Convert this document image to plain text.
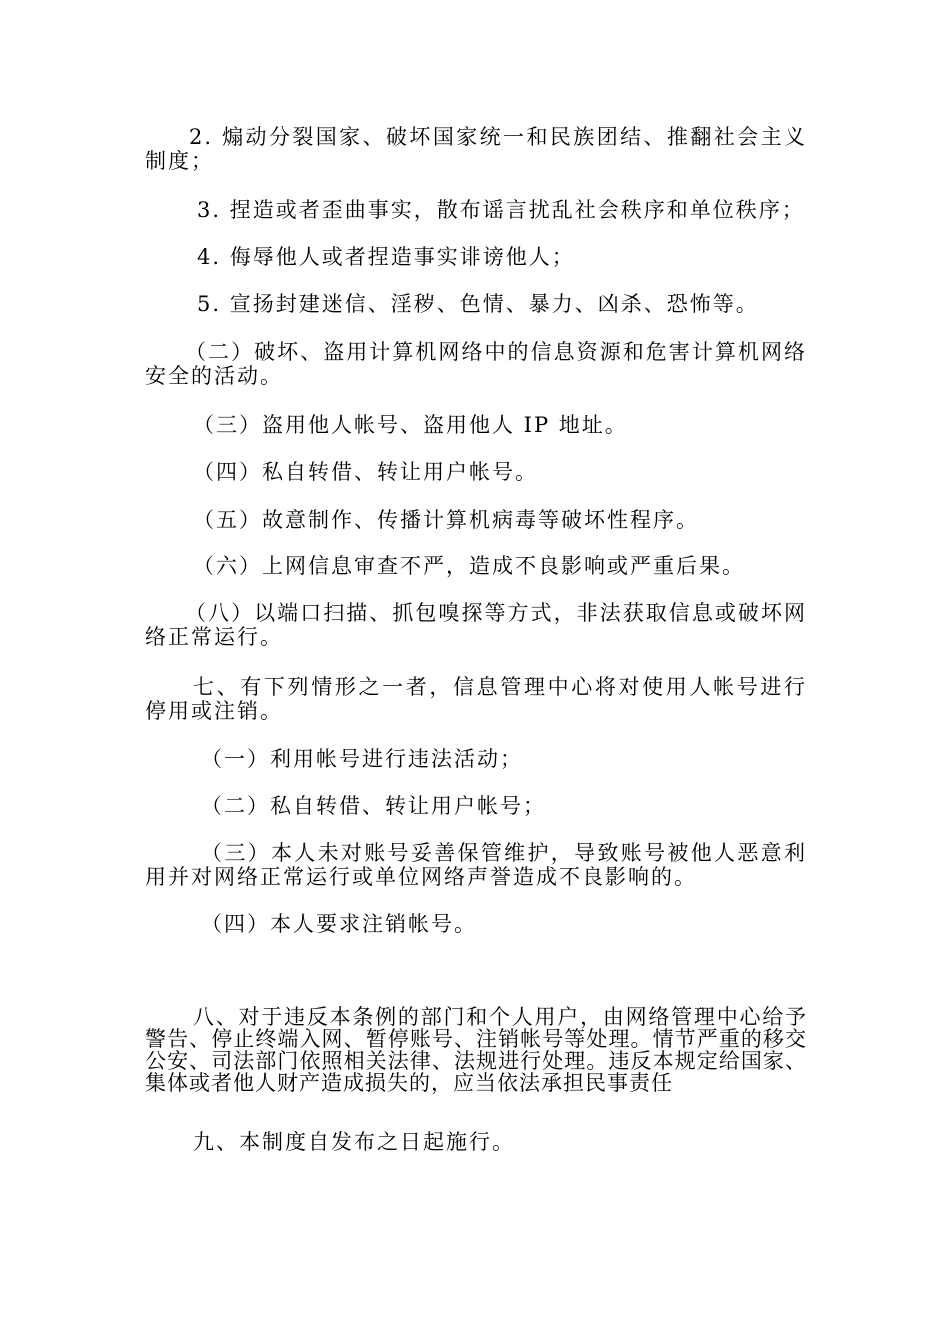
2. 煽动分裂国家、破坏国家统一和民族团结、推翻社会主义制度；

3. 捏造或者歪曲事实，散布谣言扰乱社会秩序和单位秩序；

4. 侮辱他人或者捏造事实诽谤他人；

5. 宣扬封建迷信、淫秽、色情、暴力、凶杀、恐怖等。

（二）破坏、盗用计算机网络中的信息资源和危害计算机网络安全的活动。

（三）盗用他人帐号、盗用他人 IP 地址。

（四）私自转借、转让用户帐号。

（五）故意制作、传播计算机病毒等破坏性程序。

（六）上网信息审查不严，造成不良影响或严重后果。

（八）以端口扫描、抓包嗅探等方式，非法获取信息或破坏网络正常运行。

七、有下列情形之一者，信息管理中心将对使用人帐号进行停用或注销。

（一）利用帐号进行违法活动；

（二）私自转借、转让用户帐号；

（三）本人未对账号妥善保管维护，导致账号被他人恶意利用并对网络正常运行或单位网络声誉造成不良影响的。

（四）本人要求注销帐号。

八、对于违反本条例的部门和个人用户，由网络管理中心给予警告、停止终端入网、暂停账号、注销帐号等处理。情节严重的移交公安、司法部门依照相关法律、法规进行处理。违反本规定给国家、集体或者他人财产造成损失的，应当依法承担民事责任

九、本制度自发布之日起施行。
